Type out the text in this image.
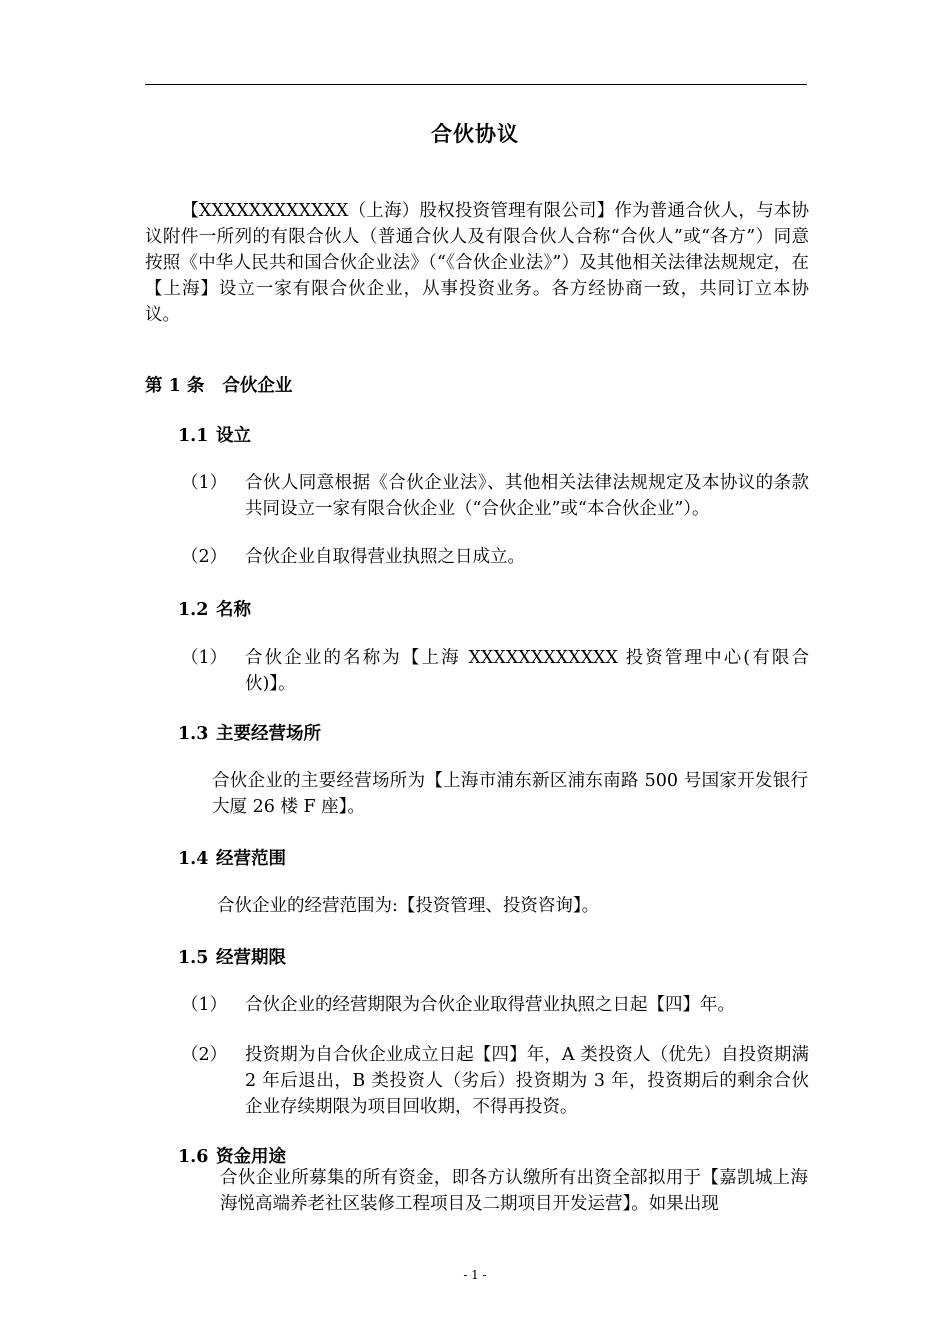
合伙协议
【XXXXXXXXXXXX（上海）股权投资管理有限公司】作为普通合伙人，与本协议附件一所列的有限合伙人（普通合伙人及有限合伙人合称“合伙人”或“各方”）同意按照《中华人民共和国合伙企业法》（“《合伙企业法》”）及其他相关法律法规规定，在【上海】设立一家有限合伙企业，从事投资业务。各方经协商一致，共同订立本协议。
第 1 条 合伙企业
1.1 设立
（1） 合伙人同意根据《合伙企业法》、其他相关法律法规规定及本协议的条款共同设立一家有限合伙企业（“合伙企业”或“本合伙企业”）。
（2） 合伙企业自取得营业执照之日成立。
1.2 名称
（1） 合伙企业的名称为【上海 XXXXXXXXXXXX 投资管理中心(有限合伙)】。
1.3 主要经营场所
合伙企业的主要经营场所为【上海市浦东新区浦东南路 500 号国家开发银行大厦 26 楼 F 座】。
1.4 经营范围
合伙企业的经营范围为:【投资管理、投资咨询】。
1.5 经营期限
（1） 合伙企业的经营期限为合伙企业取得营业执照之日起【四】年。
（2） 投资期为自合伙企业成立日起【四】年，A 类投资人（优先）自投资期满 2 年后退出，B 类投资人（劣后）投资期为 3 年，投资期后的剩余合伙企业存续期限为项目回收期，不得再投资。
1.6 资金用途
合伙企业所募集的所有资金，即各方认缴所有出资全部拟用于【嘉凯城上海海悦高端养老社区装修工程项目及二期项目开发运营】。如果出现
- 1 -
